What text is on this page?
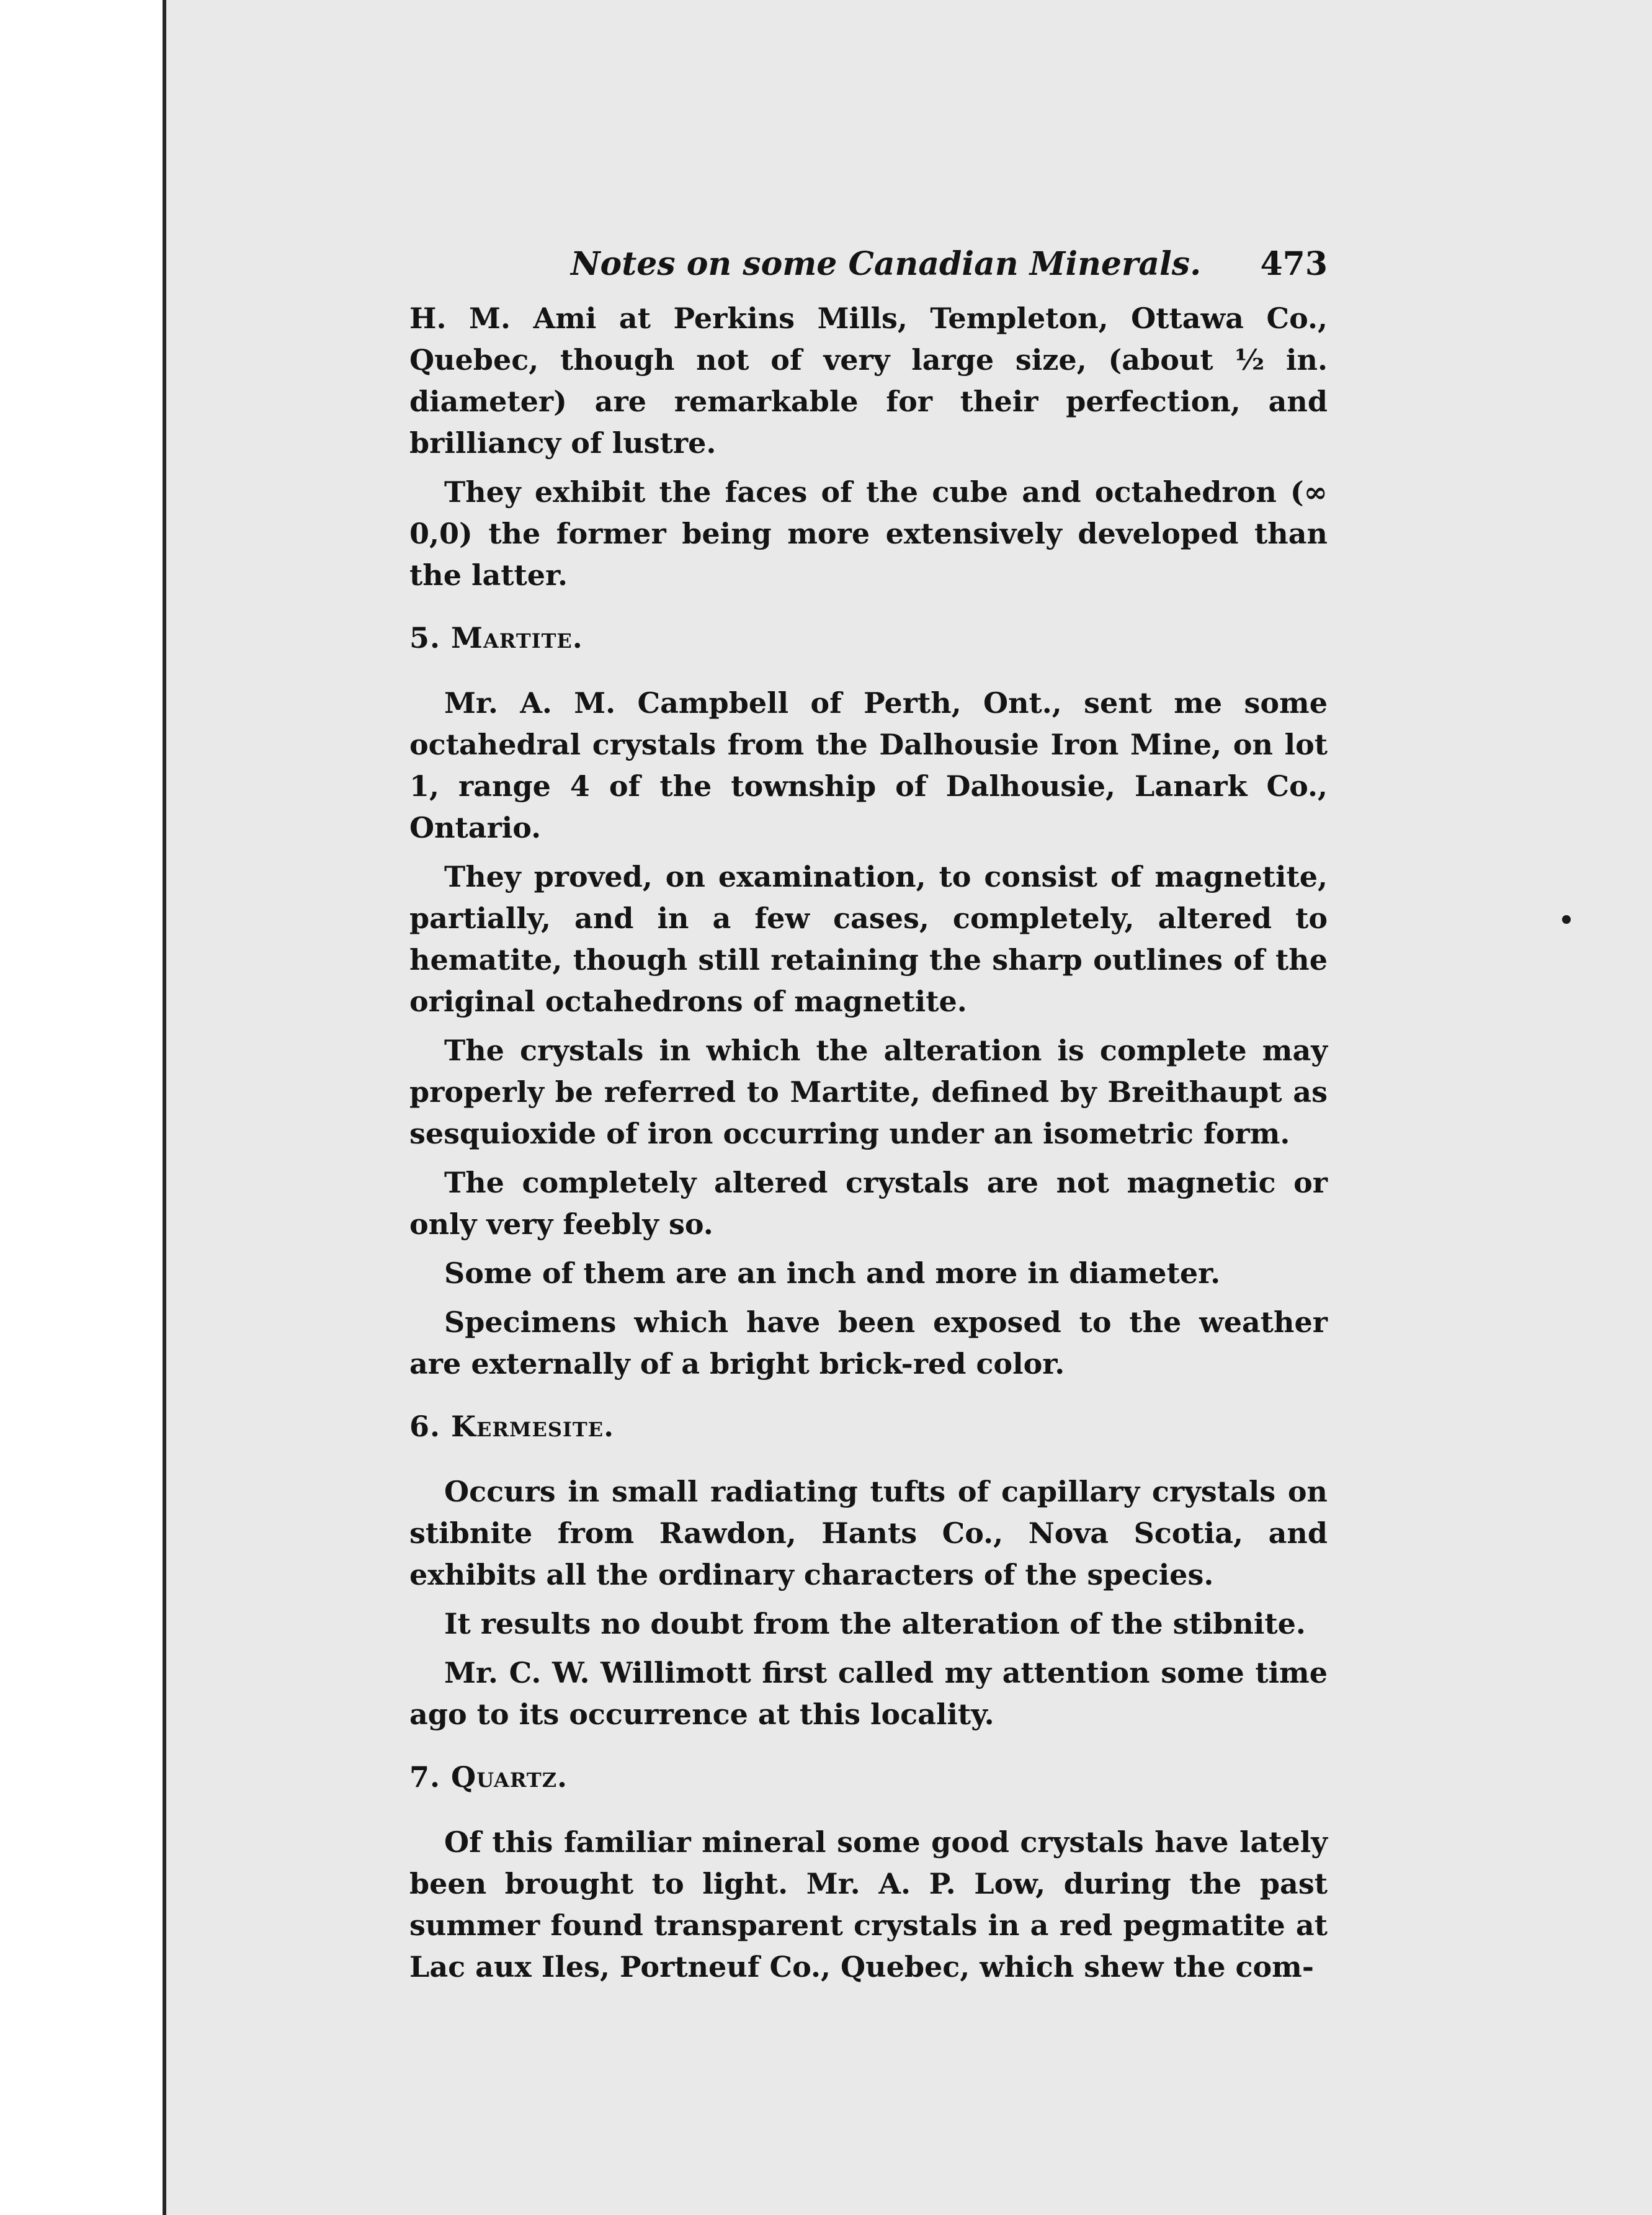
Notes on some Canadian Minerals. 473

H. M. Ami at Perkins Mills, Templeton, Ottawa Co., Quebec, though not of very large size, (about ½ in. diameter) are remarkable for their perfection, and brilliancy of lustre.

They exhibit the faces of the cube and octahedron (∞ 0,0) the former being more extensively developed than the latter.

5. Martite.

Mr. A. M. Campbell of Perth, Ont., sent me some octahedral crystals from the Dalhousie Iron Mine, on lot 1, range 4 of the township of Dalhousie, Lanark Co., Ontario.

They proved, on examination, to consist of magnetite, partially, and in a few cases, completely, altered to hematite, though still retaining the sharp outlines of the original octahedrons of magnetite.

The crystals in which the alteration is complete may properly be referred to Martite, defined by Breithaupt as sesquioxide of iron occurring under an isometric form.

The completely altered crystals are not magnetic or only very feebly so.

Some of them are an inch and more in diameter.

Specimens which have been exposed to the weather are externally of a bright brick-red color.

6. Kermesite.

Occurs in small radiating tufts of capillary crystals on stibnite from Rawdon, Hants Co., Nova Scotia, and exhibits all the ordinary characters of the species.

It results no doubt from the alteration of the stibnite.

Mr. C. W. Willimott first called my attention some time ago to its occurrence at this locality.

7. Quartz.

Of this familiar mineral some good crystals have lately been brought to light. Mr. A. P. Low, during the past summer found transparent crystals in a red pegmatite at Lac aux Iles, Portneuf Co., Quebec, which shew the com-
